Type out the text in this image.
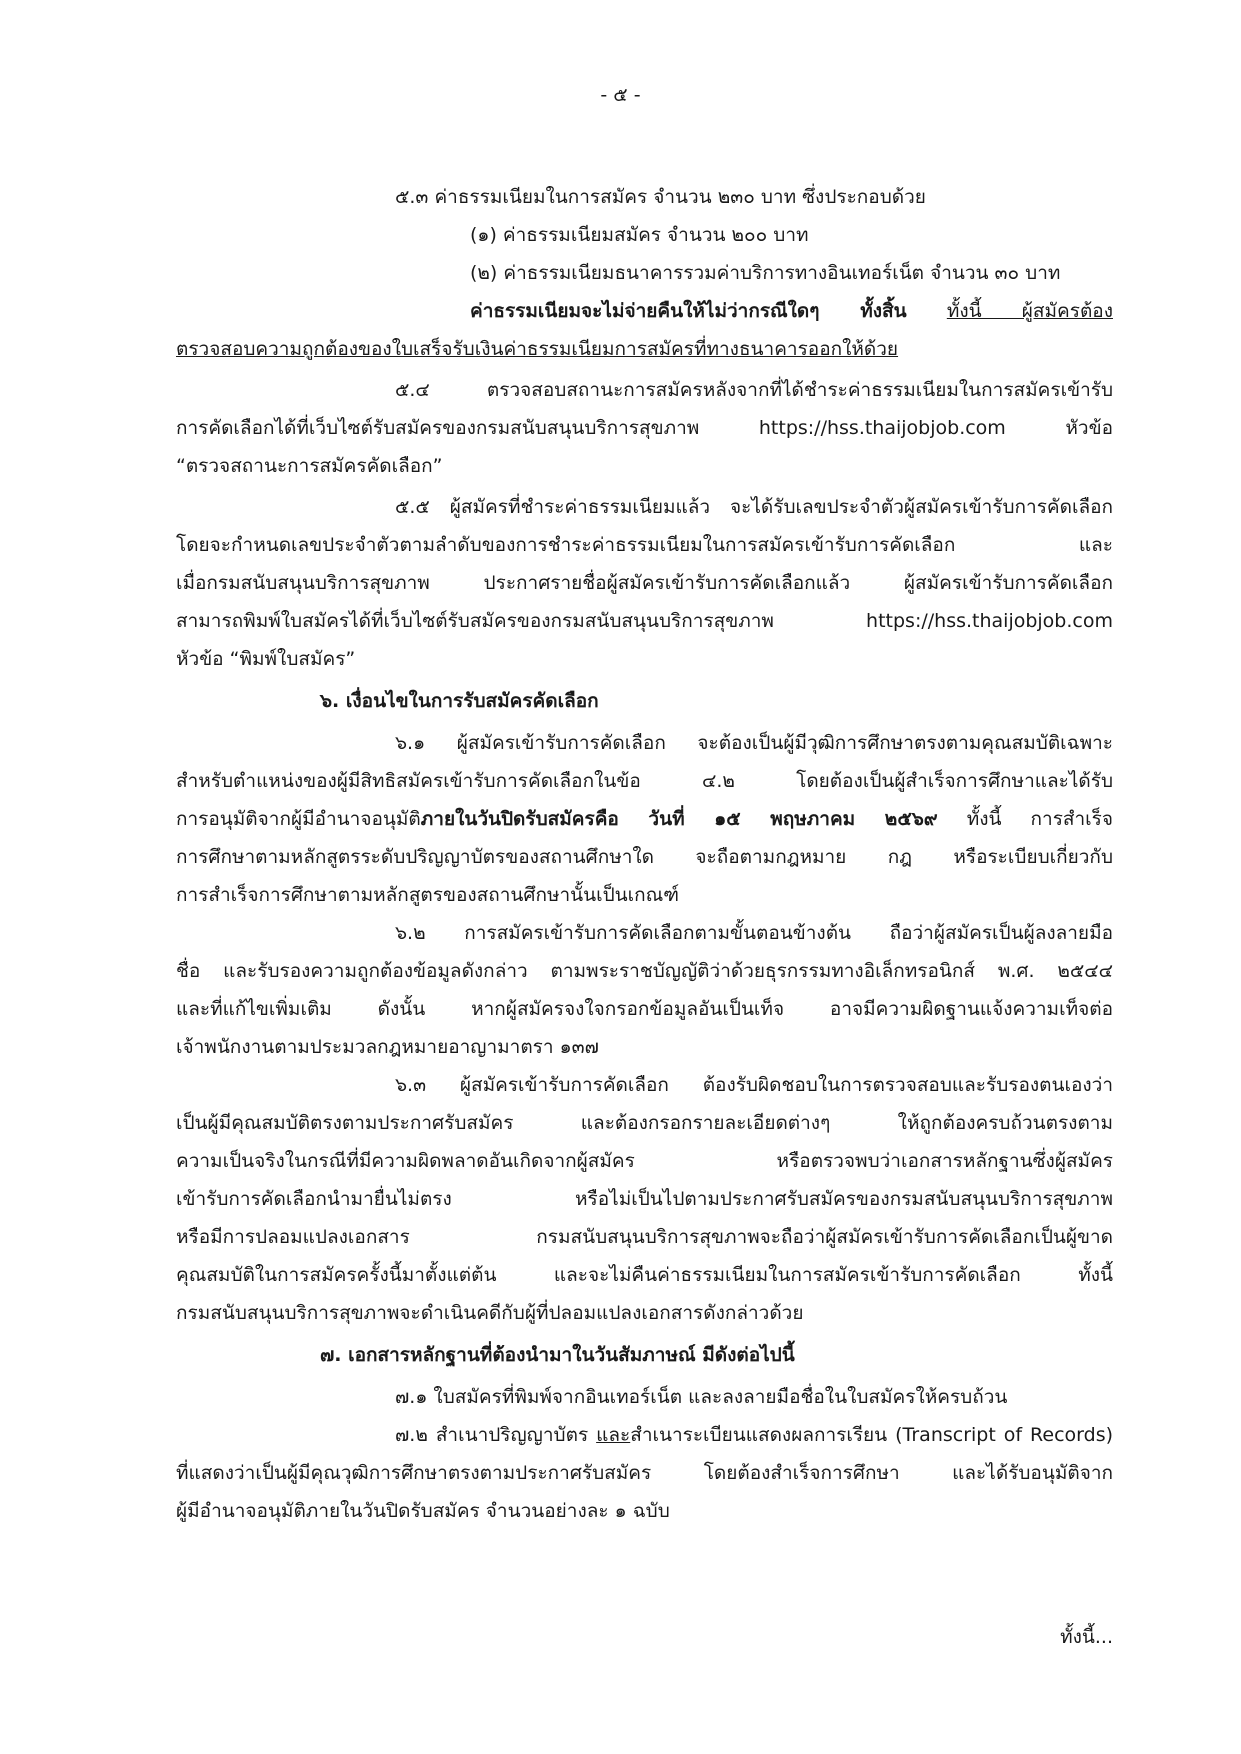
- ๕ -
๕.๓ ค่าธรรมเนียมในการสมัคร จำนวน ๒๓๐ บาท ซึ่งประกอบด้วย
(๑) ค่าธรรมเนียมสมัคร จำนวน ๒๐๐ บาท
(๒) ค่าธรรมเนียมธนาคารรวมค่าบริการทางอินเทอร์เน็ต จำนวน ๓๐ บาท
ค่าธรรมเนียมจะไม่จ่ายคืนให้ไม่ว่ากรณีใดๆ ทั้งสิ้น ทั้งนี้ ผู้สมัครต้อง
ตรวจสอบความถูกต้องของใบเสร็จรับเงินค่าธรรมเนียมการสมัครที่ทางธนาคารออกให้ด้วย
๕.๔ ตรวจสอบสถานะการสมัครหลังจากที่ได้ชำระค่าธรรมเนียมในการสมัครเข้ารับ
การคัดเลือกได้ที่เว็บไซต์รับสมัครของกรมสนับสนุนบริการสุขภาพ https://hss.thaijobjob.com หัวข้อ
“ตรวจสถานะการสมัครคัดเลือก”
๕.๕ ผู้สมัครที่ชำระค่าธรรมเนียมแล้ว จะได้รับเลขประจำตัวผู้สมัครเข้ารับการคัดเลือก
โดยจะกำหนดเลขประจำตัวตามลำดับของการชำระค่าธรรมเนียมในการสมัครเข้ารับการคัดเลือก และ
เมื่อกรมสนับสนุนบริการสุขภาพ ประกาศรายชื่อผู้สมัครเข้ารับการคัดเลือกแล้ว ผู้สมัครเข้ารับการคัดเลือก
สามารถพิมพ์ใบสมัครได้ที่เว็บไซต์รับสมัครของกรมสนับสนุนบริการสุขภาพ https://hss.thaijobjob.com
หัวข้อ “พิมพ์ใบสมัคร”
๖. เงื่อนไขในการรับสมัครคัดเลือก
๖.๑ ผู้สมัครเข้ารับการคัดเลือก จะต้องเป็นผู้มีวุฒิการศึกษาตรงตามคุณสมบัติเฉพาะ
สำหรับตำแหน่งของผู้มีสิทธิสมัครเข้ารับการคัดเลือกในข้อ ๔.๒ โดยต้องเป็นผู้สำเร็จการศึกษาและได้รับ
การอนุมัติจากผู้มีอำนาจอนุมัติภายในวันปิดรับสมัครคือ วันที่ ๑๕ พฤษภาคม ๒๕๖๙ ทั้งนี้ การสำเร็จ
การศึกษาตามหลักสูตรระดับปริญญาบัตรของสถานศึกษาใด จะถือตามกฎหมาย กฎ หรือระเบียบเกี่ยวกับ
การสำเร็จการศึกษาตามหลักสูตรของสถานศึกษานั้นเป็นเกณฑ์
๖.๒ การสมัครเข้ารับการคัดเลือกตามขั้นตอนข้างต้น ถือว่าผู้สมัครเป็นผู้ลงลายมือ
ชื่อ และรับรองความถูกต้องข้อมูลดังกล่าว ตามพระราชบัญญัติว่าด้วยธุรกรรมทางอิเล็กทรอนิกส์ พ.ศ. ๒๕๔๔
และที่แก้ไขเพิ่มเติม ดังนั้น หากผู้สมัครจงใจกรอกข้อมูลอันเป็นเท็จ อาจมีความผิดฐานแจ้งความเท็จต่อ
เจ้าพนักงานตามประมวลกฎหมายอาญามาตรา ๑๓๗
๖.๓ ผู้สมัครเข้ารับการคัดเลือก ต้องรับผิดชอบในการตรวจสอบและรับรองตนเองว่า
เป็นผู้มีคุณสมบัติตรงตามประกาศรับสมัคร และต้องกรอกรายละเอียดต่างๆ ให้ถูกต้องครบถ้วนตรงตาม
ความเป็นจริงในกรณีที่มีความผิดพลาดอันเกิดจากผู้สมัคร หรือตรวจพบว่าเอกสารหลักฐานซึ่งผู้สมัคร
เข้ารับการคัดเลือกนำมายื่นไม่ตรง หรือไม่เป็นไปตามประกาศรับสมัครของกรมสนับสนุนบริการสุขภาพ
หรือมีการปลอมแปลงเอกสาร กรมสนับสนุนบริการสุขภาพจะถือว่าผู้สมัครเข้ารับการคัดเลือกเป็นผู้ขาด
คุณสมบัติในการสมัครครั้งนี้มาตั้งแต่ต้น และจะไม่คืนค่าธรรมเนียมในการสมัครเข้ารับการคัดเลือก ทั้งนี้
กรมสนับสนุนบริการสุขภาพจะดำเนินคดีกับผู้ที่ปลอมแปลงเอกสารดังกล่าวด้วย
๗. เอกสารหลักฐานที่ต้องนำมาในวันสัมภาษณ์ มีดังต่อไปนี้
๗.๑ ใบสมัครที่พิมพ์จากอินเทอร์เน็ต และลงลายมือชื่อในใบสมัครให้ครบถ้วน
๗.๒ สำเนาปริญญาบัตร และสำเนาระเบียนแสดงผลการเรียน (Transcript of Records)
ที่แสดงว่าเป็นผู้มีคุณวุฒิการศึกษาตรงตามประกาศรับสมัคร โดยต้องสำเร็จการศึกษา และได้รับอนุมัติจาก
ผู้มีอำนาจอนุมัติภายในวันปิดรับสมัคร จำนวนอย่างละ ๑ ฉบับ
ทั้งนี้...
